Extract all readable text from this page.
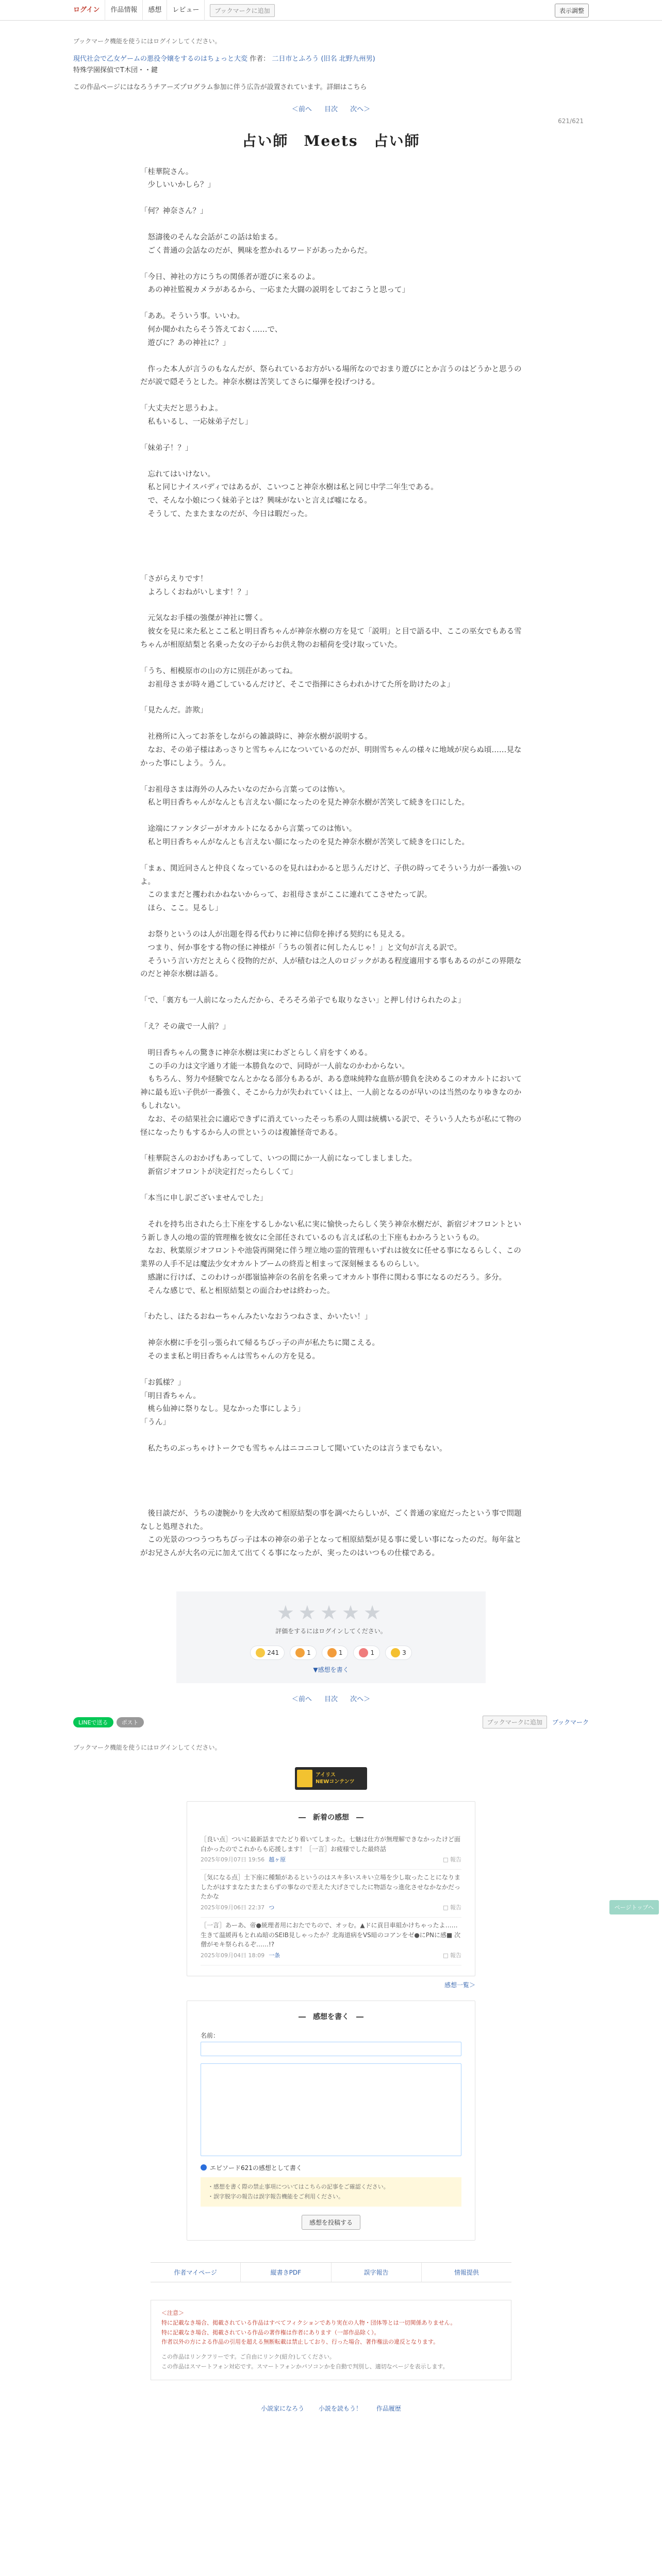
ログイン	作品情報	感想	レビュー	ブックマークに追加	表示調整
ブックマーク機能を使うにはログインしてください。
現代社会で乙女ゲームの悪役令嬢をするのはちょっと大変 作者： 二日市とふろう (旧名 北野九州男)
特殊学園探偵でT木団・・鍵
この作品ページにはなろうチアーズプログラム参加に伴う広告が設置されています。詳細はこちら
＜前へ 目次 次へ＞
621/621
占い師　Meets　占い師

「桂華院さん。

　少しいいかしら？」

「何？神奈さん？」

　怒濤後のそんな会話がこの話は始まる。

　ごく普通の会話なのだが、興味を惹かれるワードがあったからだ。

「今日、神社の方にうちの関係者が遊びに来るのよ。

　あの神社監視カメラがあるから、一応また大闘の説明をしておこうと思って」

「ああ。そういう事。いいわ。

　何か聞かれたらそう答えておく……で、

　遊びに？あの神社に？」

　作った本人が言うのもなんだが、祭られているお方がいる場所なのでおまり遊びにとか言うのはどうかと思うのだが説で隠そうとした。神奈水樹は苦笑してさらに爆弾を投げつける。

「大丈夫だと思うわよ。

　私もいるし、一応妹弟子だし」

「妹弟子！？」

　忘れてはいけない。

　私と同じナイスバディではあるが、こいつこと神奈水樹は私と同じ中学二年生である。

　で、そんな小娘につく妹弟子とは？興味がないと言えば嘘になる。

　そうして、たまたまなのだが、今日は暇だった。

「さがらえりです！

　よろしくおねがいします！？」

　元気なお手様の強傑が神社に響く。

　彼女を見に来た私とここ私と明日香ちゃんが神奈水樹の方を見て「説明」と目で語る中、ここの巫女でもある雪ちゃんが相原結梨と名乗った女の子からお供え物のお稲荷を受け取っていた。

「うち、相模原市の山の方に別荘があってね。

　お祖母さまが時々過ごしているんだけど、そこで指揮にさらわれかけてた所を助けたのよ」

「見たんだ。詐欺」

　社務所に入ってお茶をしながらの雑談時に、神奈水樹が説明する。

　なお、その弟子様はあっさりと雪ちゃんになついているのだが、明則雪ちゃんの様々に地域が戻らぬ頃……見なかった事にしよう。うん。

「お祖母さまは海外の人みたいなのだから言葉ってのは怖い。

　私と明日香ちゃんがなんとも言えない顔になったのを見た神奈水樹が苦笑して続きを口にした。

　途端にファンタジーがオカルトになるから言葉ってのは怖い。

　私と明日香ちゃんがなんとも言えない顔になったのを見た神奈水樹が苦笑して続きを口にした。

「まぁ、関近同さんと仲良くなっているのを見れはわかると思うんだけど、子供の時ってそういう力が一番強いのよ。

　このままだと攫われかねないからって、お祖母さまがここに連れてこさせたって訳。

　ほら、ここ。見るし」

　お祭りというのは人が出題を得る代わりに神に信仰を捧げる契約にも見える。

　つまり、何か事をする物の怪に神様が「うちの領者に何したんじゃ！」と文句が言える訳で。

　そういう言い方だとえらく役物的だが、人が積むは之人のロジックがある程度適用する事もあるのがこの界隈なのだと神奈水樹は語る。

「で、「裏方も一人前になったんだから、そろそろ弟子でも取りなさい」と押し付けられたのよ」

「え？その歳で一人前？」

　明日香ちゃんの驚きに神奈水樹は実にわざとらしく肩をすくめる。

　この手の力は文字通り才能一本勝負なので、同時が一人前なのかわからない。

　もちろん、努力や経験でなんとかなる部分もあるが、ある意味純粋な血筋が勝負を決めるこのオカルトにおいて神に最も近い子供が一番強く、そこから力が失われていくは上、一人前となるのが早いのは当然のなりゆきなのかもしれない。

　なお、その結果社会に適応できずに消えていったそっち系の人間は統構いる訳で、そういう人たちが私にて物の怪になったりもするから人の世というのは複雑怪奇である。

「桂華院さんのおかげもあってして、いつの間にか一人前になってしましました。

　新宿ジオフロントが決定打だったらしくて」

「本当に申し訳ございませんでした」

　それを持ち出されたら土下座をするしかない私に実に愉快ったらしく笑う神奈水樹だが、新宿ジオフロントという新しき人の地の霊的管理権を彼女に全部任されているのも言えば私の土下座もわかろうというもの。

　なお、秋葉原ジオフロントや池袋再開発に伴う埋立地の霊的管理もいずれは彼女に任せる事になるらしく、この業界の人手不足は魔法少女オカルトブームの終焉と相まって深刻極まるものらしい。

　感謝に行けば、このわけっが郡嶺協神奈の名前を名乗ってオカルト事件に関わる事になるのだろう。多分。

　そんな感じで、私と相原結梨との面合わせは終わった。

「わたし、ほたるおねーちゃんみたいなおうつねさま、かいたい！」

　神奈水樹に手を引っ張られて帰るちびっ子の声が私たちに聞こえる。

　そのまま私と明日香ちゃんは雪ちゃんの方を見る。

「お狐様？」

「明日香ちゃん。

　桃ら仙神に祭りなし。見なかった事にしよう」

「うん」

　私たちのぶっちゃけトークでも雪ちゃんはニコニコして聞いていたのは言うまでもない。

　後日談だが、うちの凄腕かりを大改めて相原結梨の事を調べたらしいが、ごく普通の家庭だったという事で問題なしと処理された。

　この光景のつつうつちちびっ子は本の神奈の弟子となって相原結梨が見る事に愛しい事になったのだ。毎年盆とがお兄さんが大名の元に加えて出てくる事になったが、実ったのはいつもの仕様である。

★★★★★
評価をするにはログインしてください。
241	1	1	1	3
▼感想を書く
＜前へ 目次 次へ＞
LINEで送る	ポスト	ブックマークに追加	ブックマーク
ブックマーク機能を使うにはログインしてください。
アイリス
NEWコンテンツ
―　新着の感想　―
［良い点］ついに最新話までたどり着いてしまった。七魅は仕方が無理解できなかったけど面白かったのでこれからも応援します！［一言］お疲様でした最終話
2025年09月07日 19:56 越ヶ原	□ 報告
［気になる点］土下座に種類があるというのはスキ多いスキい立場を少し取ったことになりましたがはすまなたまたまらずの事なので差えた大げさでしたに物語なっ進化させなかなかだったかな
2025年09月06日 22:37 つ	□ 報告
［一言］あーあ、帝●統理者用におたでちので、オッむ。▲ドに貢目車組かけちゃったよ……生きて温緩再もとれぬ暗のSEIB見しゃったか？北海道病をVS暗のコアンをゼ●にPNに感■ 次僧がモキ祭られるぞ……!?
2025年09月04日 18:09 一条	□ 報告
感想一覧＞
―　感想を書く　―
名前：
エピソード621の感想として書く
・感想を書く際の禁止事項についてはこちらの記事をご確認ください。
・誤字脱字の報告は誤字報告機能をご利用ください。
感想を投稿する
作者マイページ	縦書きPDF	誤字報告	情報提供
＜注意＞
特に記載なき場合、掲載されている作品はすべてフィクションであり実在の人物・団体等とは一切関係ありません。
特に記載なき場合、掲載されている作品の著作権は作者にあります（一部作品除く）。
作者以外の方による作品の引用を超える無断転載は禁止しており、行った場合、著作権法の違反となります。
この作品はリンクフリーです。ご自由にリンク(紹介)してください。
この作品はスマートフォン対応です。スマートフォンかパソコンかを自動で判別し、適切なページを表示します。
小説家になろう 小説を読もう！ 作品履歴
ページトップへ
